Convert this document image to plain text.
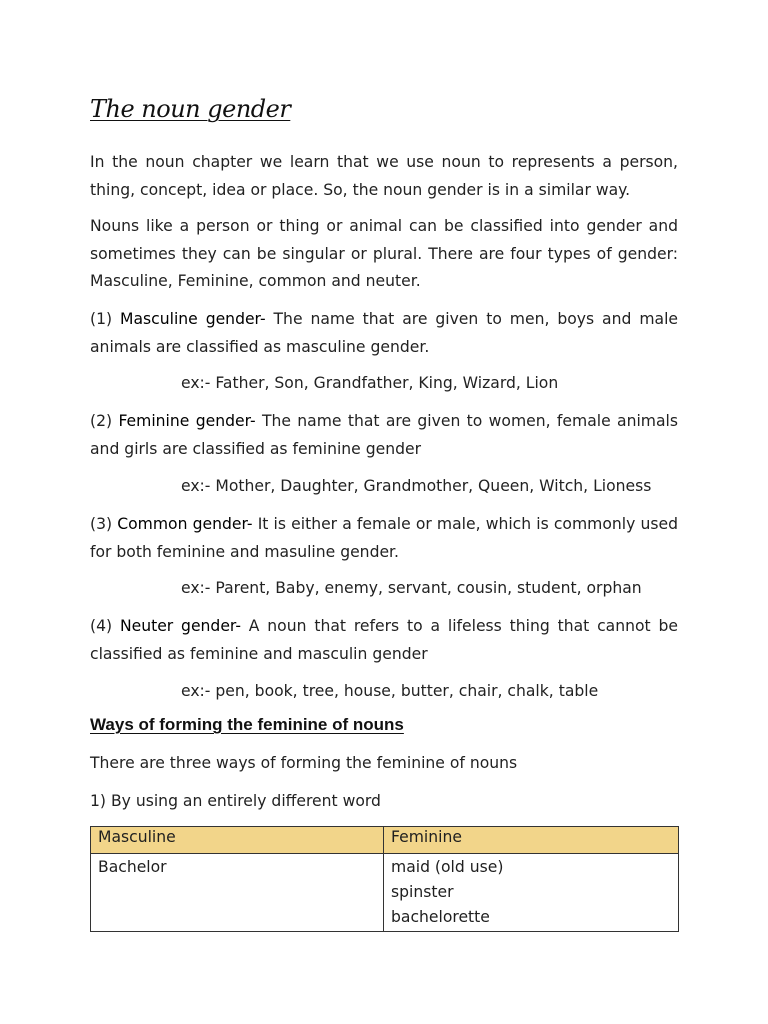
The noun gender

In the noun chapter we learn that we use noun to represents a person, thing, concept, idea or place. So, the noun gender is in a similar way.

Nouns like a person or thing or animal can be classified into gender and sometimes they can be singular or plural. There are four types of gender: Masculine, Feminine, common and neuter.

(1) Masculine gender- The name that are given to men, boys and male animals are classified as masculine gender.

ex:- Father, Son, Grandfather, King, Wizard, Lion

(2) Feminine gender- The name that are given to women, female animals and girls are classified as feminine gender

ex:- Mother, Daughter, Grandmother, Queen, Witch, Lioness

(3) Common gender- It is either a female or male, which is commonly used for both feminine and masuline gender.

ex:- Parent, Baby, enemy, servant, cousin, student, orphan

(4) Neuter gender- A noun that refers to a lifeless thing that cannot be classified as feminine and masculin gender

ex:- pen, book, tree, house, butter, chair, chalk, table

Ways of forming the feminine of nouns

There are three ways of forming the feminine of nouns

1) By using an entirely different word

Masculine	Feminine
Bachelor	maid (old use)
spinster
bachelorette
